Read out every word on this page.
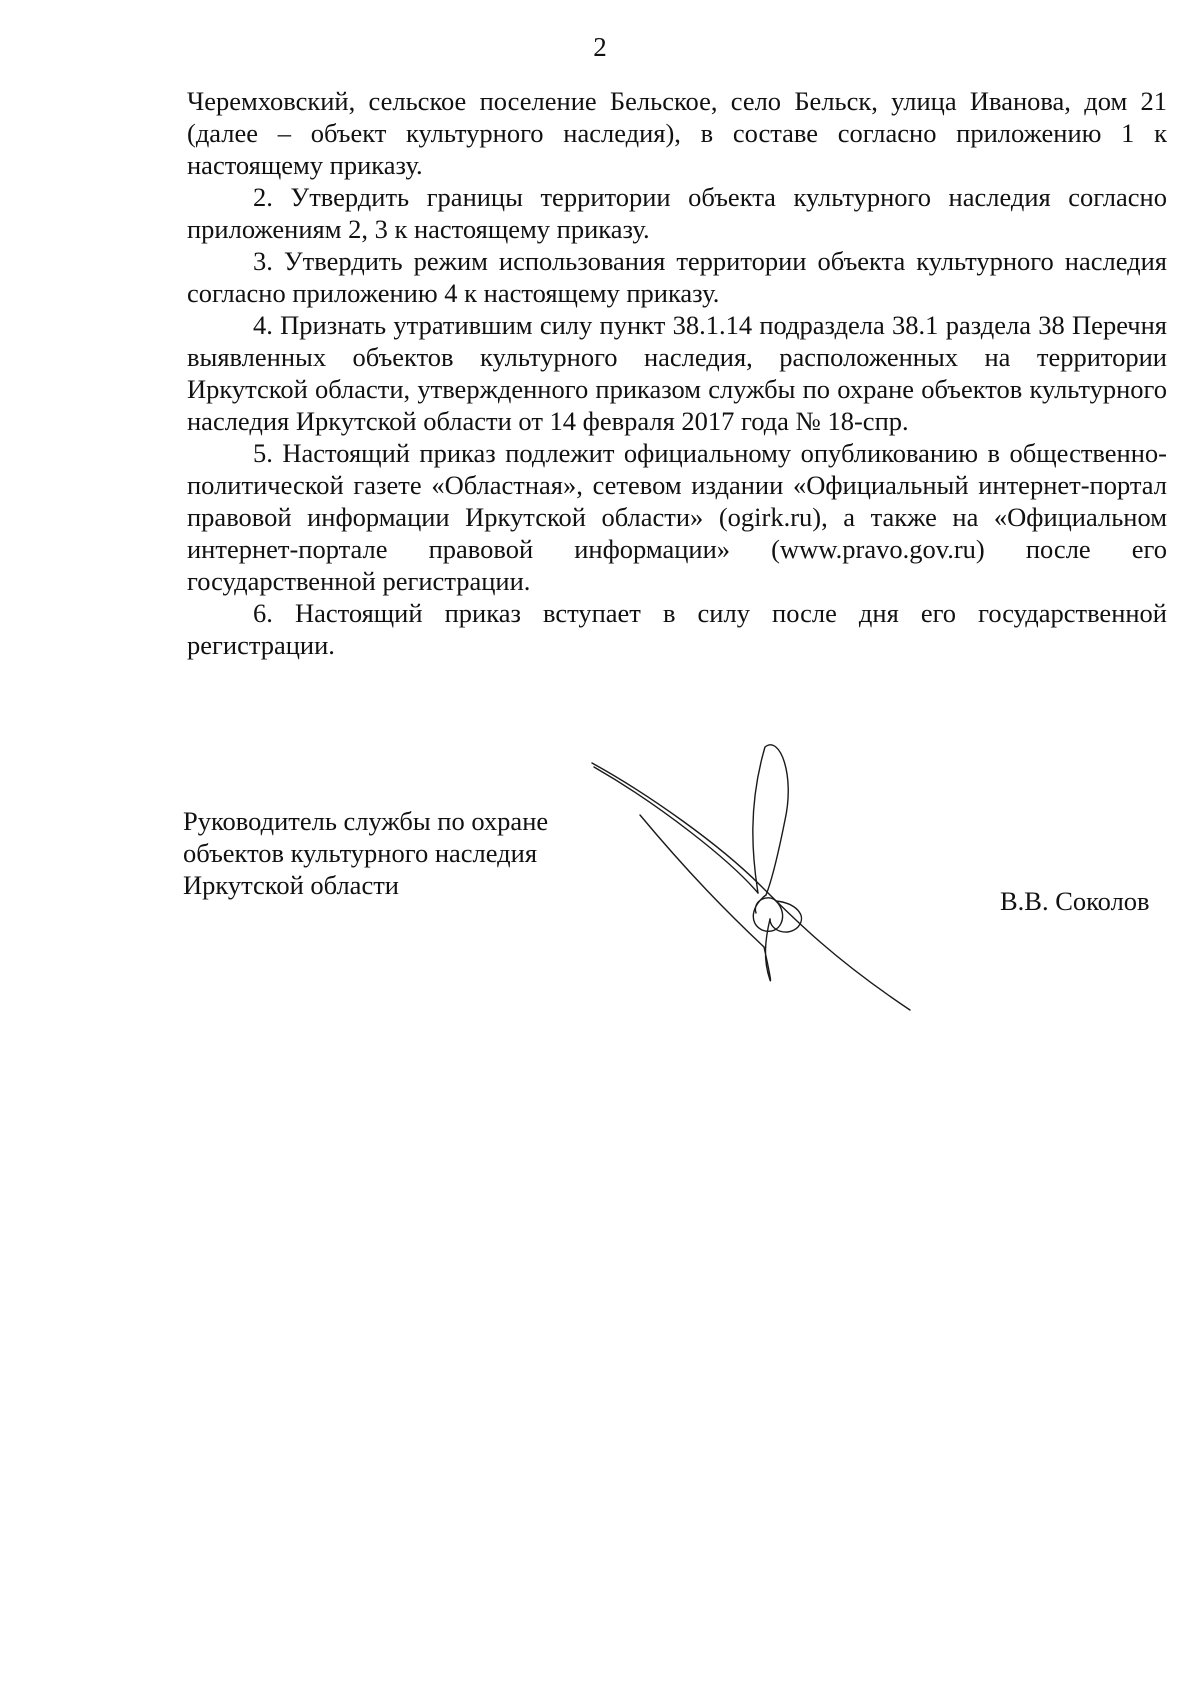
2

Черемховский, сельское поселение Бельское, село Бельск, улица Иванова, дом 21 (далее – объект культурного наследия), в составе согласно приложению 1 к настоящему приказу.

2. Утвердить границы территории объекта культурного наследия согласно приложениям 2, 3 к настоящему приказу.

3. Утвердить режим использования территории объекта культурного наследия согласно приложению 4 к настоящему приказу.

4. Признать утратившим силу пункт 38.1.14 подраздела 38.1 раздела 38 Перечня выявленных объектов культурного наследия, расположенных на территории Иркутской области, утвержденного приказом службы по охране объектов культурного наследия Иркутской области от 14 февраля 2017 года № 18-спр.

5. Настоящий приказ подлежит официальному опубликованию в общественно-политической газете «Областная», сетевом издании «Официальный интернет-портал правовой информации Иркутской области» (ogirk.ru), а также на «Официальном интернет-портале правовой информации» (www.pravo.gov.ru) после его государственной регистрации.

6. Настоящий приказ вступает в силу после дня его государственной регистрации.

Руководитель службы по охране
объектов культурного наследия
Иркутской области
В.В. Соколов
